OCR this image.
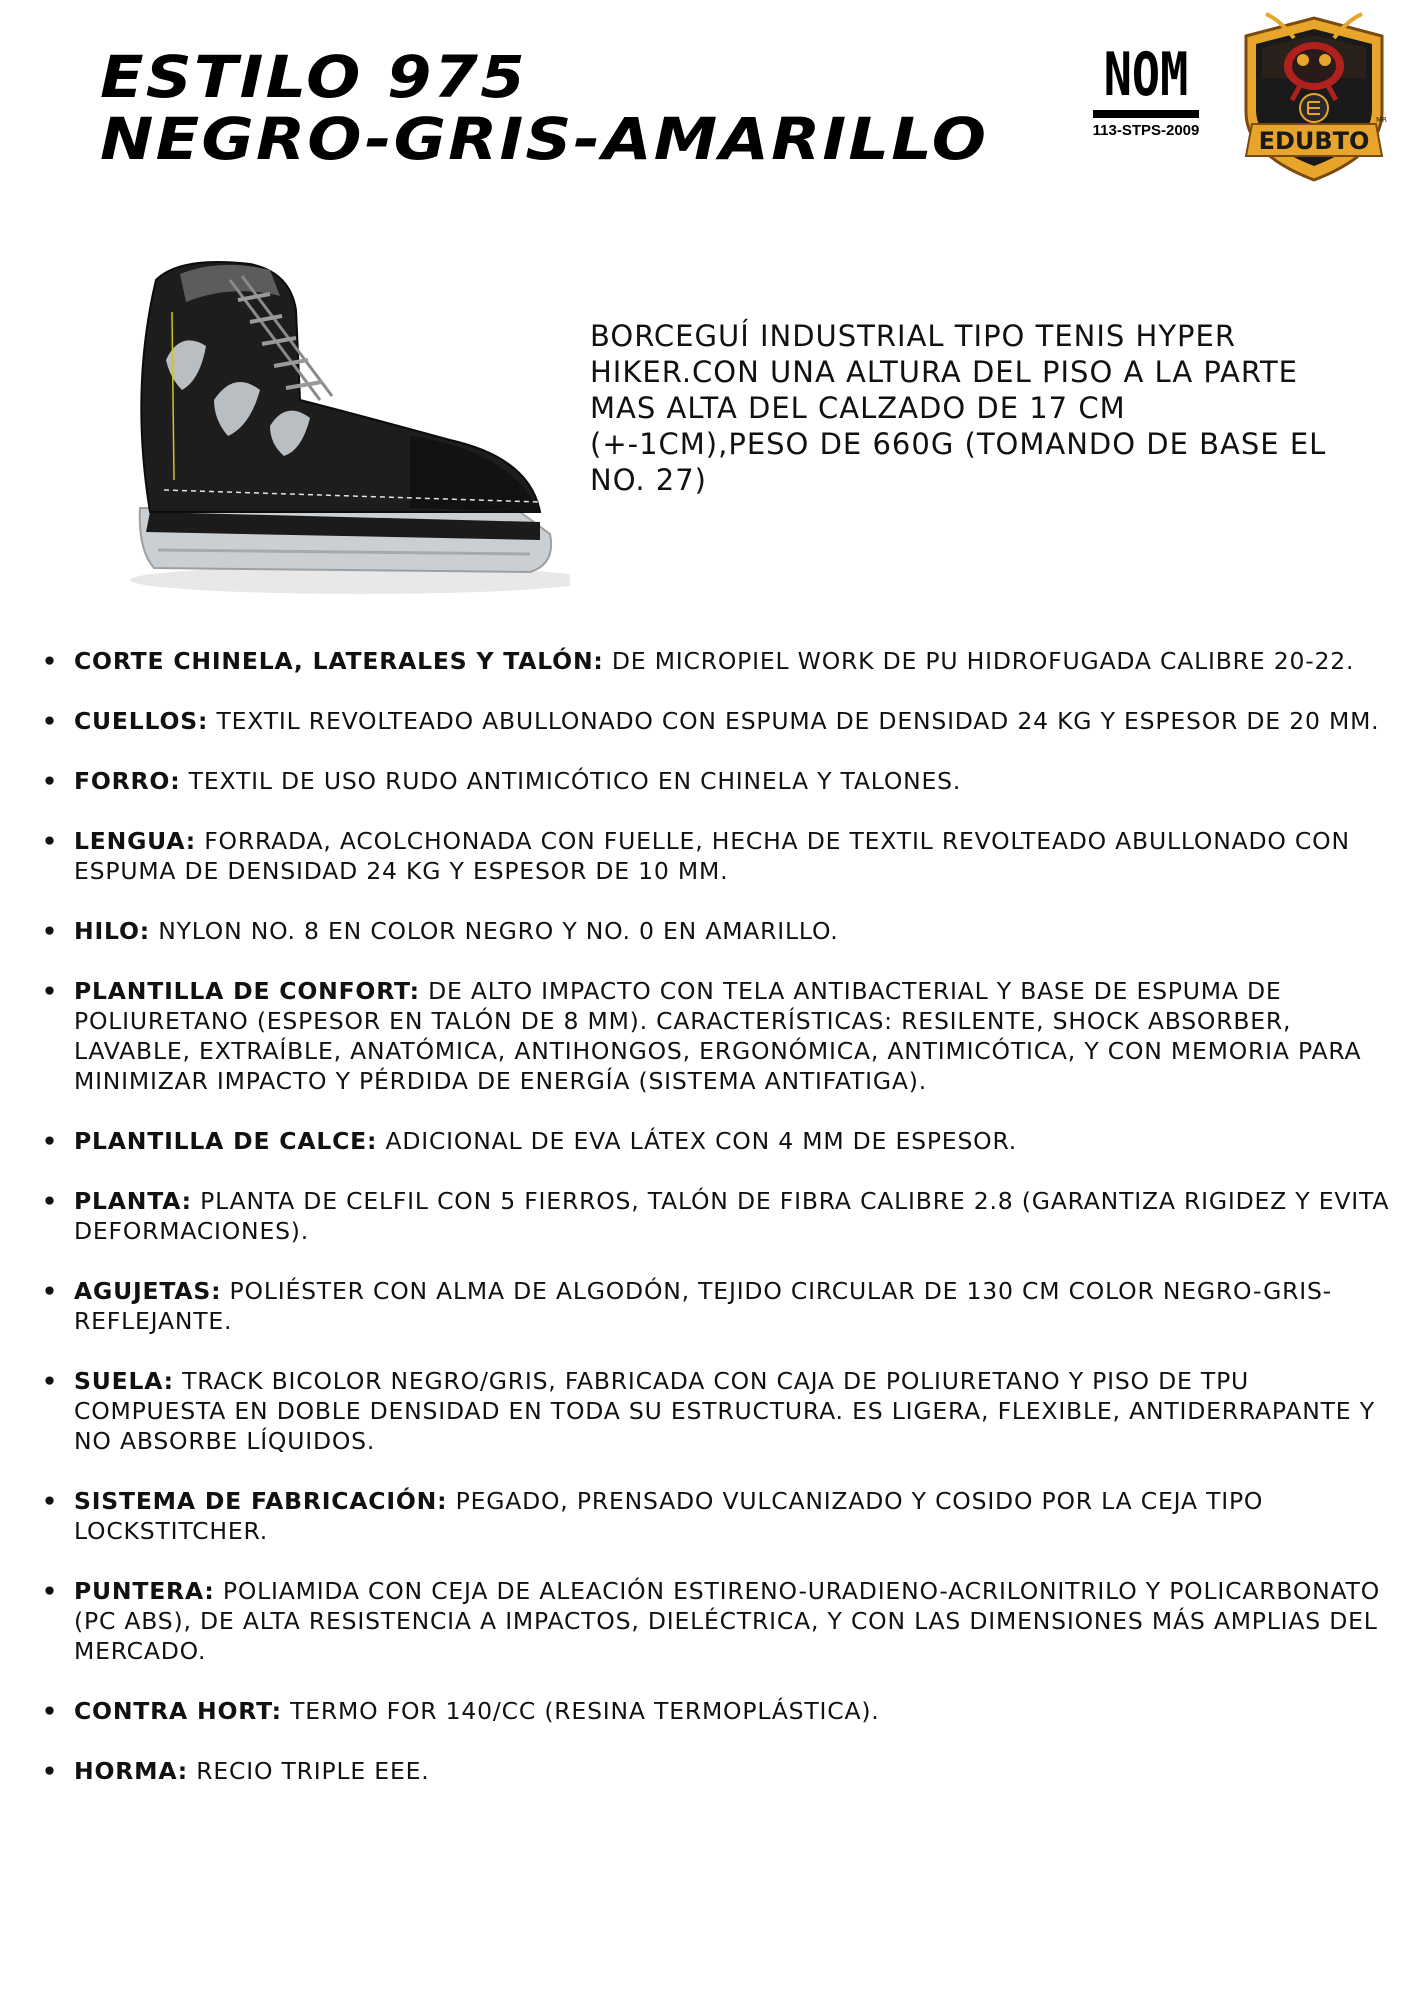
ESTILO 975
NEGRO-GRIS-AMARILLO
NOM
113-STPS-2009	EDUBTO
MR
BORCEGUÍ INDUSTRIAL TIPO TENIS HYPER HIKER.CON UNA ALTURA DEL PISO A LA PARTE MAS ALTA DEL CALZADO DE 17 CM (+-1CM),PESO DE 660G (TOMANDO DE BASE EL NO. 27)
• CORTE CHINELA, LATERALES Y TALÓN: DE MICROPIEL WORK DE PU HIDROFUGADA CALIBRE 20-22.
• CUELLOS: TEXTIL REVOLTEADO ABULLONADO CON ESPUMA DE DENSIDAD 24 KG Y ESPESOR DE 20 MM.
• FORRO: TEXTIL DE USO RUDO ANTIMICÓTICO EN CHINELA Y TALONES.
• LENGUA: FORRADA, ACOLCHONADA CON FUELLE, HECHA DE TEXTIL REVOLTEADO ABULLONADO CON ESPUMA DE DENSIDAD 24 KG Y ESPESOR DE 10 MM.
• HILO: NYLON NO. 8 EN COLOR NEGRO Y NO. 0 EN AMARILLO.
• PLANTILLA DE CONFORT: DE ALTO IMPACTO CON TELA ANTIBACTERIAL Y BASE DE ESPUMA DE POLIURETANO (ESPESOR EN TALÓN DE 8 MM). CARACTERÍSTICAS: RESILENTE, SHOCK ABSORBER, LAVABLE, EXTRAÍBLE, ANATÓMICA, ANTIHONGOS, ERGONÓMICA, ANTIMICÓTICA, Y CON MEMORIA PARA MINIMIZAR IMPACTO Y PÉRDIDA DE ENERGÍA (SISTEMA ANTIFATIGA).
• PLANTILLA DE CALCE: ADICIONAL DE EVA LÁTEX CON 4 MM DE ESPESOR.
• PLANTA: PLANTA DE CELFIL CON 5 FIERROS, TALÓN DE FIBRA CALIBRE 2.8 (GARANTIZA RIGIDEZ Y EVITA DEFORMACIONES).
• AGUJETAS: POLIÉSTER CON ALMA DE ALGODÓN, TEJIDO CIRCULAR DE 130 CM COLOR NEGRO-GRIS-REFLEJANTE.
• SUELA: TRACK BICOLOR NEGRO/GRIS, FABRICADA CON CAJA DE POLIURETANO Y PISO DE TPU COMPUESTA EN DOBLE DENSIDAD EN TODA SU ESTRUCTURA. ES LIGERA, FLEXIBLE, ANTIDERRAPANTE Y NO ABSORBE LÍQUIDOS.
• SISTEMA DE FABRICACIÓN: PEGADO, PRENSADO VULCANIZADO Y COSIDO POR LA CEJA TIPO LOCKSTITCHER.
• PUNTERA: POLIAMIDA CON CEJA DE ALEACIÓN ESTIRENO-URADIENO-ACRILONITRILO Y POLICARBONATO (PC ABS), DE ALTA RESISTENCIA A IMPACTOS, DIELÉCTRICA, Y CON LAS DIMENSIONES MÁS AMPLIAS DEL MERCADO.
• CONTRA HORT: TERMO FOR 140/CC (RESINA TERMOPLÁSTICA).
• HORMA: RECIO TRIPLE EEE.
